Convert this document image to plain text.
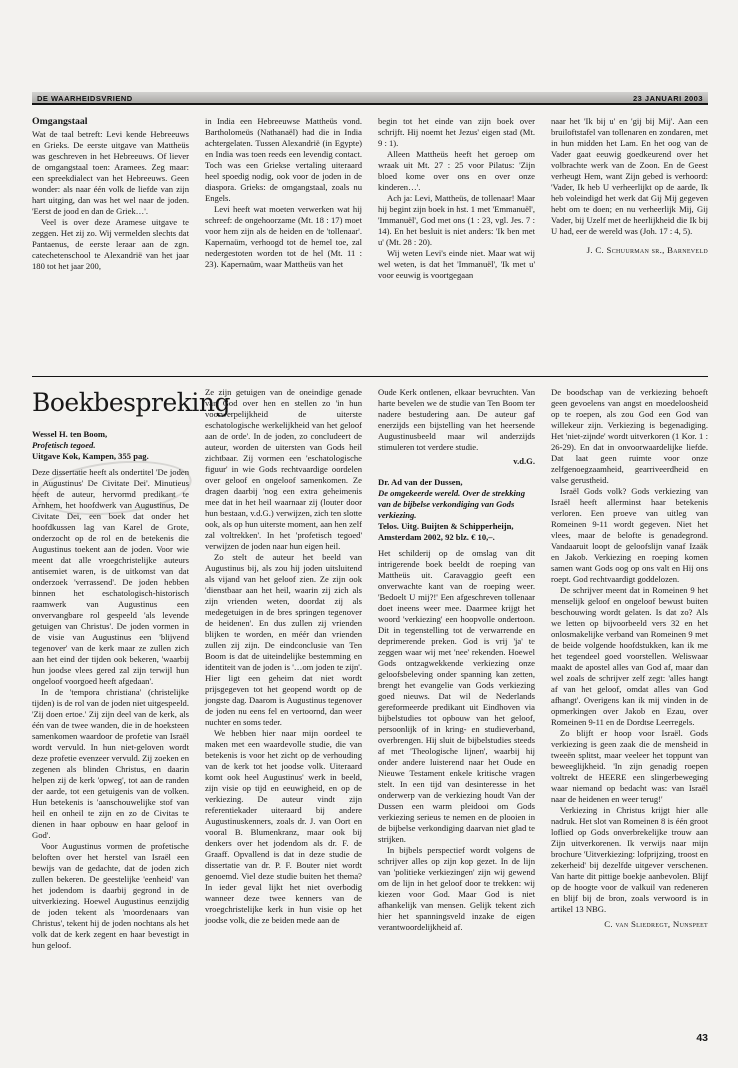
DE WAARHEIDSVRIEND	23 JANUARI 2003
Omgangstaal

Wat de taal betreft: Levi kende Hebreeuws en Grieks. De eerste uitgave van Mattheüs was geschreven in het Hebreeuws. Of liever de omgangstaal toen: Aramees. Zeg maar: een spreekdialect van het Hebreeuws. Geen wonder: als naar één volk de liefde van zijn hart uitging, dan was het wel naar de joden. 'Eerst de jood en dan de Griek…'.

Veel is over deze Aramese uitgave te zeggen. Het zij zo. Wij vermelden slechts dat Pantaenus, de eerste leraar aan de zgn. catechetenschool te Alexandrië van het jaar 180 tot het jaar 200,

in India een Hebreeuwse Mattheüs vond. Bartholomeüs (Nathanaël) had die in India achtergelaten. Tussen Alexandrië (in Egypte) en India was toen reeds een levendig contact. Toch was een Griekse vertaling uiteraard heel spoedig nodig, ook voor de joden in de diaspora. Grieks: de omgangstaal, zoals nu Engels.

Levi heeft wat moeten verwerken wat hij schreef: de ongehoorzame (Mt. 18 : 17) moet voor hem zijn als de heiden en de 'tollenaar'. Kapernaüm, verhoogd tot de hemel toe, zal nedergestoten worden tot de hel (Mt. 11 : 23). Kapernaüm, waar Mattheüs van het

begin tot het einde van zijn boek over schrijft. Hij noemt het Jezus' eigen stad (Mt. 9 : 1).

Alleen Mattheüs heeft het geroep om wraak uit Mt. 27 : 25 voor Pilatus: 'Zijn bloed kome over ons en over onze kinderen…'.

Ach ja: Levi, Mattheüs, de tollenaar! Maar hij begint zijn boek in hst. 1 met 'Emmanuël', 'Immanuël', God met ons (1 : 23, vgl. Jes. 7 : 14). En het besluit is niet anders: 'Ik ben met u' (Mt. 28 : 20).

Wij weten Levi's einde niet. Maar wat wij wel weten, is dat het 'Immanuël', 'Ik met u' voor eeuwig is voortgegaan

naar het 'Ik bij u' en 'gij bij Mij'. Aan een bruiloftstafel van tollenaren en zondaren, met in hun midden het Lam. En het oog van de Vader gaat eeuwig goedkeurend over het volbrachte werk van de Zoon. En de Geest verheugt Hem, want Zijn gebed is verhoord: 'Vader, Ik heb U verheerlijkt op de aarde, Ik heb voleindigd het werk dat Gij Mij gegeven hebt om te doen; en nu verheerlijk Mij, Gij Vader, bij Uzelf met de heerlijkheid die Ik bij U had, eer de wereld was (Joh. 17 : 4, 5).

J. C. Schuurman sr., Barneveld
Boekbespreking
Wessel H. ten Boom,
Profetisch tegoed.
Uitgave Kok, Kampen, 355 pag.

Deze dissertatie heeft als ondertitel 'De joden in Augustinus' De Civitate Dei'. Minutieus heeft de auteur, hervormd predikant te Arnhem, het hoofdwerk van Augustinus, De Civitate Dei, een boek dat onder het hoofdkussen lag van Karel de Grote, onderzocht op de rol en de betekenis die Augustinus toekent aan de joden. Voor wie meent dat alle vroegchristelijke auteurs antisemiet waren, is de uitkomst van dat onderzoek 'verrassend'. De joden hebben binnen het eschatologisch-historisch raamwerk van Augustinus een onvervangbare rol gespeeld 'als levende getuigen van Christus'. De joden vormen in de visie van Augustinus een 'blijvend tegenover' van de kerk maar ze zullen zich aan het eind der tijden ook bekeren, 'waarbij hun joodse vlees gered zal zijn terwijl hun ongeloof voorgoed heeft afgedaan'.

In de 'tempora christiana' (christelijke tijden) is de rol van de joden niet uitgespeeld. 'Zij doen ertoe.' Zij zijn deel van de kerk, als één van de twee wanden, die in de hoeksteen samenkomen waardoor de profetie van Israël wordt vervuld. In hun niet-geloven wordt deze profetie evenzeer vervuld. Zij zoeken en zegenen als blinden Christus, en daarin helpen zij de kerk 'opweg', tot aan de randen der aarde, tot een getuigenis van de volken. Hun betekenis is 'aanschouwelijke stof van heil en onheil te zijn en zo de Civitas te dienen in haar opbouw en haar geloof in God'.

Voor Augustinus vormen de profetische beloften over het herstel van Israël een bewijs van de gedachte, dat de joden zich zullen bekeren. De geestelijke 'eenheid' van het jodendom is daarbij gegrond in de uitverkiezing. Hoewel Augustinus eenzijdig de joden tekent als 'moordenaars van Christus', tekent hij de joden nochtans als het volk dat de kerk zegent en haar bevestigt in hun geloof.

Ze zijn getuigen van de oneindige genade van God over hen en stellen zo 'in hun voorwerpelijkheid de uiterste eschatologische werkelijkheid van het geloof aan de orde'. In de joden, zo concludeert de auteur, worden de uitersten van Gods heil zichtbaar. Zij vormen een 'eschatologische figuur' in wie Gods rechtvaardige oordelen over geloof en ongeloof samenkomen. Ze dragen daarbij 'nog een extra geheimenis mee dat in het heil waarnaar zij (louter door hun bestaan, v.d.G.) verwijzen, zich ten slotte ook, als op hun uiterste moment, aan hen zelf zal voltrekken'. In het 'profetisch tegoed' verwijzen de joden naar hun eigen heil.

Zo stelt de auteur het beeld van Augustinus bij, als zou hij joden uitsluitend als vijand van het geloof zien. Ze zijn ook 'dienstbaar aan het heil, waarin zij zich als zijn vrienden weten, doordat zij als medegetuigen in de bres springen tegenover de heidenen'. En dus zullen zij vrienden blijken te worden, en méér dan vrienden zullen zij zijn. De eindconclusie van Ten Boom is dat de uiteindelijke bestemming en identiteit van de joden is '…om joden te zijn'. Hier ligt een geheim dat niet wordt prijsgegeven tot het geopend wordt op de jongste dag. Daarom is Augustinus tegenover de joden nu eens fel en vertoornd, dan weer nuchter en soms teder.

We hebben hier naar mijn oordeel te maken met een waardevolle studie, die van betekenis is voor het zicht op de verhouding van de kerk tot het joodse volk. Uiteraard komt ook heel Augustinus' werk in beeld, zijn visie op tijd en eeuwigheid, en op de verkiezing. De auteur vindt zijn referentiekader uiteraard bij andere Augustinuskenners, zoals dr. J. van Oort en vooral B. Blumenkranz, maar ook bij denkers over het jodendom als dr. F. de Graaff. Opvallend is dat in deze studie de dissertatie van dr. P. F. Bouter niet wordt genoemd. Viel deze studie buiten het thema? In ieder geval lijkt het niet overbodig wanneer deze twee kenners van de vroegchristelijke kerk in hun visie op het joodse volk, die ze beiden mede aan de

Oude Kerk ontlenen, elkaar bevruchten. Van harte bevelen we de studie van Ten Boom ter nadere bestudering aan. De auteur gaf enerzijds een bijstelling van het heersende Augustinusbeeld maar wil anderzijds stimuleren tot verdere studie.

v.d.G.
Dr. Ad van der Dussen,
De omgekeerde wereld. Over de strekking van de bijbelse verkondiging van Gods verkiezing.
Telos. Uitg. Buijten & Schipperheijn, Amsterdam 2002, 92 blz. € 10,–.

Het schilderij op de omslag van dit intrigerende boek beeldt de roeping van Mattheüs uit. Caravaggio geeft een onverwachte kant van de roeping weer. 'Bedoelt U mij?!' Een afgeschreven tollenaar doet ineens weer mee. Daarmee krijgt het woord 'verkiezing' een hoopvolle ondertoon. Dit in tegenstelling tot de verwarrende en deprimerende preken. God is vrij 'ja' te zeggen waar wij met 'nee' rekenden. Hoewel Gods ontzagwekkende verkiezing onze geloofsbeleving onder spanning kan zetten, brengt het evangelie van Gods verkiezing goed nieuws. Dat wil de Nederlands gereformeerde predikant uit Eindhoven via bijbelstudies tot opbouw van het geloof, persoonlijk of in kring- en studieverband, overbrengen. Hij sluit de bijbelstudies steeds af met 'Theologische lijnen', waarbij hij onder andere luisterend naar het Oude en Nieuwe Testament enkele kritische vragen stelt. In een tijd van desinteresse in het onderwerp van de verkiezing houdt Van der Dussen een warm pleidooi om Gods verkiezing serieus te nemen en de plooien in de bijbelse verkondiging daarvan niet glad te strijken.

In bijbels perspectief wordt volgens de schrijver alles op zijn kop gezet. In de lijn van 'politieke verkiezingen' zijn wij gewend om de lijn in het geloof door te trekken: wij kiezen voor God. Maar God is niet afhankelijk van mensen. Gelijk tekent zich hier het spanningsveld inzake de eigen verantwoordelijkheid af.

De boodschap van de verkiezing behoeft geen gevoelens van angst en moedeloosheid op te roepen, als zou God een God van willekeur zijn. Verkiezing is begenadiging. Het 'niet-zijnde' wordt uitverkoren (1 Kor. 1 : 26-29). En dat in onvoorwaardelijke liefde. Dat laat geen ruimte voor onze zelfgenoegzaamheid, gearriveerdheid en valse gerustheid.

Israël Gods volk? Gods verkiezing van Israël heeft allerminst haar betekenis verloren. Een proeve van uitleg van Romeinen 9-11 wordt gegeven. Niet het vlees, maar de belofte is genadegrond. Vandaaruit loopt de geloofslijn vanaf Izaäk en Jakob. Verkiezing en roeping komen samen want Gods oog op ons valt en Hij ons roept. God rechtvaardigt goddelozen.

De schrijver meent dat in Romeinen 9 het menselijk geloof en ongeloof bewust buiten beschouwing wordt gelaten. Is dat zo? Als we letten op bijvoorbeeld vers 32 en het onlosmakelijke verband van Romeinen 9 met de beide volgende hoofdstukken, kan ik me het tegendeel goed voorstellen. Weliswaar maakt de apostel alles van God af, maar dan wel zoals de schrijver zelf zegt: 'alles hangt af van het geloof, omdat alles van God afhangt'. Overigens kan ik mij vinden in de opmerkingen over Jakob en Ezau, over Romeinen 9-11 en de Dordtse Leerregels.

Zo blijft er hoop voor Israël. Gods verkiezing is geen zaak die de mensheid in tweeën splitst, maar veeleer het toppunt van beweeglijkheid. 'In zijn genadig roepen voltrekt de HEERE een slingerbeweging waar niemand op bedacht was: van Israël naar de heidenen en weer terug!'

Verkiezing in Christus krijgt hier alle nadruk. Het slot van Romeinen 8 is één groot loflied op Gods onverbrekelijke trouw aan Zijn uitverkorenen. Ik verwijs naar mijn brochure 'Uitverkiezing: lofprijzing, troost en zekerheid' bij dezelfde uitgever verschenen. Van harte dit pittige boekje aanbevolen. Blijf op de hoogte voor de valkuil van redeneren en blijf bij de bron, zoals verwoord is in artikel 13 NBG.

C. van Sliedregt, Nunspeet
43
